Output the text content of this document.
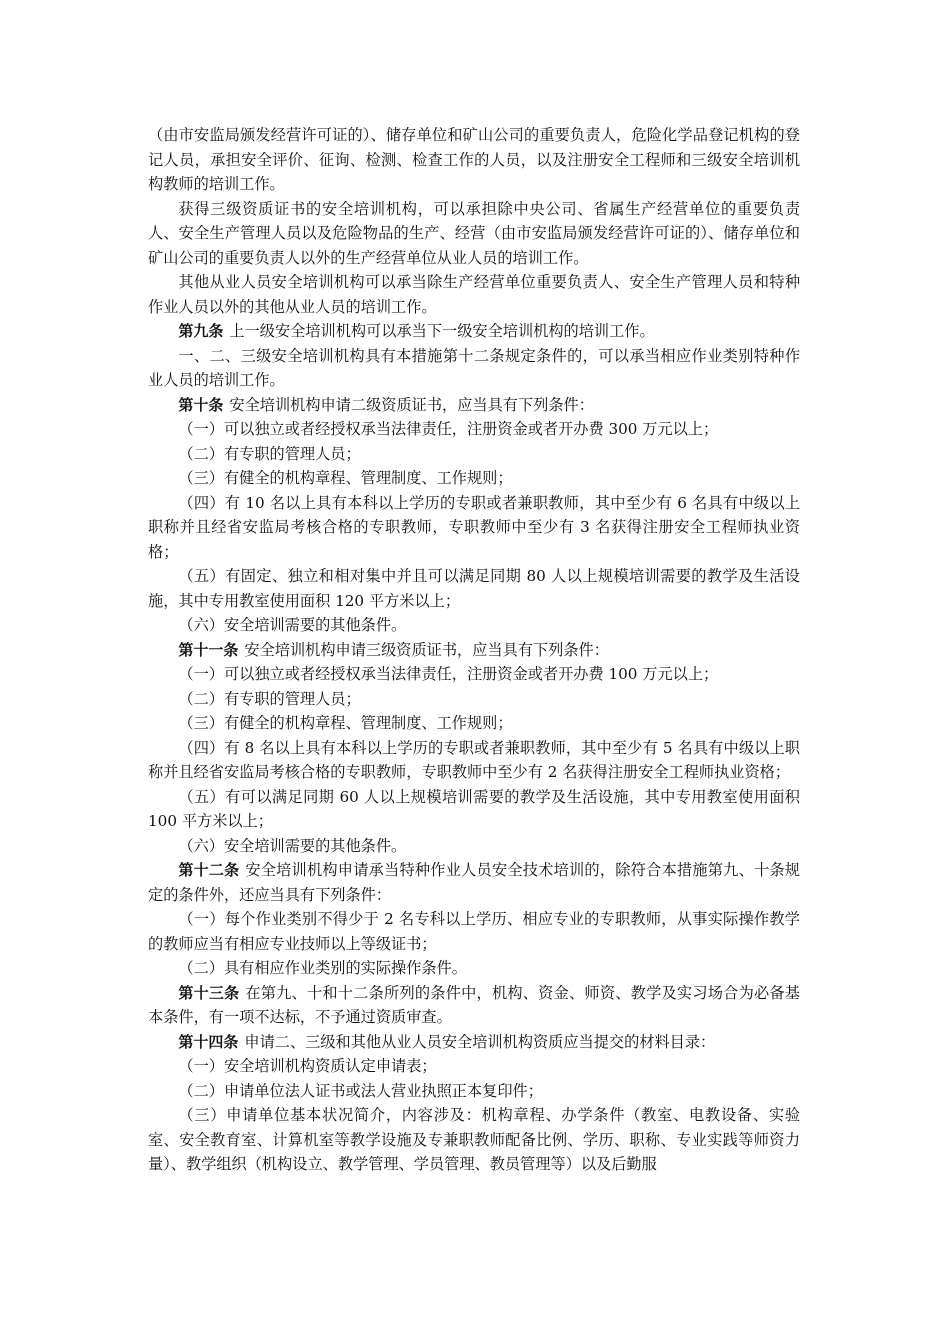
（由市安监局颁发经营许可证的）、储存单位和矿山公司的重要负责人，危险化学品登记机构的登记人员，承担安全评价、征询、检测、检查工作的人员，以及注册安全工程师和三级安全培训机构教师的培训工作。

获得三级资质证书的安全培训机构，可以承担除中央公司、省属生产经营单位的重要负责人、安全生产管理人员以及危险物品的生产、经营（由市安监局颁发经营许可证的）、储存单位和矿山公司的重要负责人以外的生产经营单位从业人员的培训工作。

其他从业人员安全培训机构可以承当除生产经营单位重要负责人、安全生产管理人员和特种作业人员以外的其他从业人员的培训工作。

第九条 上一级安全培训机构可以承当下一级安全培训机构的培训工作。

一、二、三级安全培训机构具有本措施第十二条规定条件的，可以承当相应作业类别特种作业人员的培训工作。

第十条 安全培训机构申请二级资质证书，应当具有下列条件：

（一）可以独立或者经授权承当法律责任，注册资金或者开办费 300 万元以上；

（二）有专职的管理人员；

（三）有健全的机构章程、管理制度、工作规则；

（四）有 10 名以上具有本科以上学历的专职或者兼职教师，其中至少有 6 名具有中级以上职称并且经省安监局考核合格的专职教师，专职教师中至少有 3 名获得注册安全工程师执业资格；

（五）有固定、独立和相对集中并且可以满足同期 80 人以上规模培训需要的教学及生活设施，其中专用教室使用面积 120 平方米以上；

（六）安全培训需要的其他条件。

第十一条 安全培训机构申请三级资质证书，应当具有下列条件：

（一）可以独立或者经授权承当法律责任，注册资金或者开办费 100 万元以上；

（二）有专职的管理人员；

（三）有健全的机构章程、管理制度、工作规则；

（四）有 8 名以上具有本科以上学历的专职或者兼职教师，其中至少有 5 名具有中级以上职称并且经省安监局考核合格的专职教师，专职教师中至少有 2 名获得注册安全工程师执业资格；

（五）有可以满足同期 60 人以上规模培训需要的教学及生活设施，其中专用教室使用面积 100 平方米以上；

（六）安全培训需要的其他条件。

第十二条 安全培训机构申请承当特种作业人员安全技术培训的，除符合本措施第九、十条规定的条件外，还应当具有下列条件：

（一）每个作业类别不得少于 2 名专科以上学历、相应专业的专职教师，从事实际操作教学的教师应当有相应专业技师以上等级证书；

（二）具有相应作业类别的实际操作条件。

第十三条 在第九、十和十二条所列的条件中，机构、资金、师资、教学及实习场合为必备基本条件，有一项不达标，不予通过资质审查。

第十四条 申请二、三级和其他从业人员安全培训机构资质应当提交的材料目录：

（一）安全培训机构资质认定申请表；

（二）申请单位法人证书或法人营业执照正本复印件；

（三）申请单位基本状况简介，内容涉及：机构章程、办学条件（教室、电教设备、实验室、安全教育室、计算机室等教学设施及专兼职教师配备比例、学历、职称、专业实践等师资力量）、教学组织（机构设立、教学管理、学员管理、教员管理等）以及后勤服
